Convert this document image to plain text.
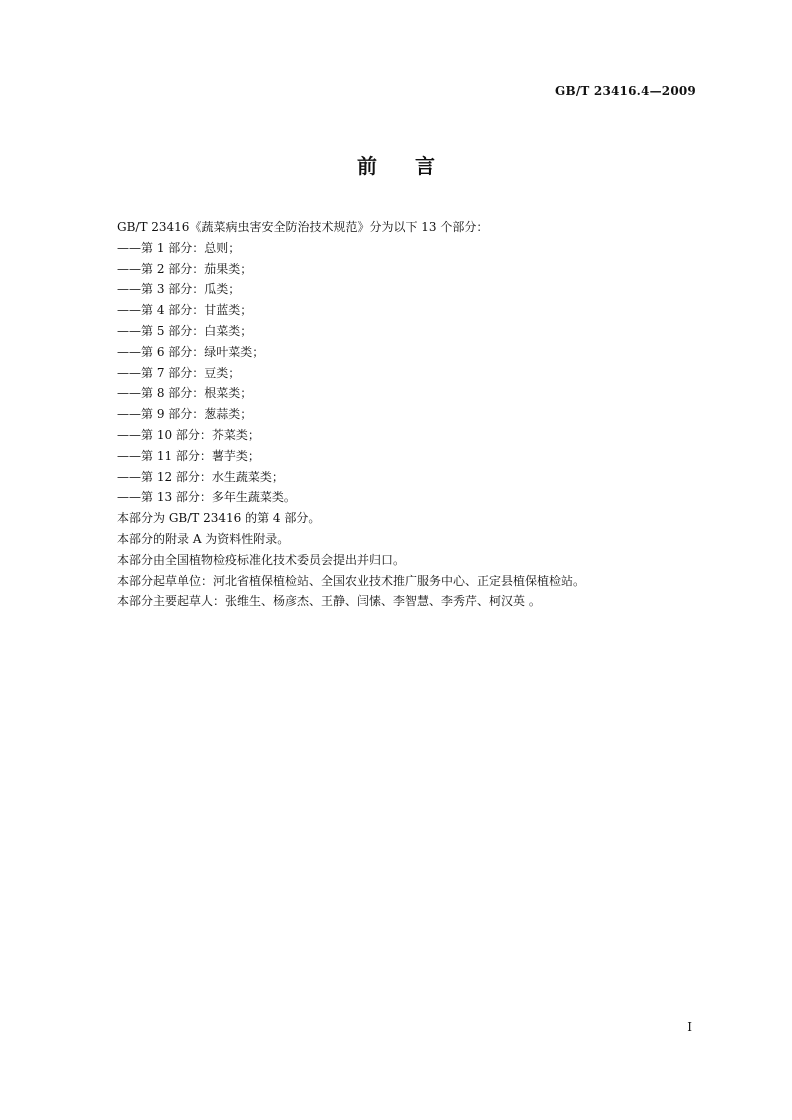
GB/T 23416.4—2009
前言
GB/T 23416《蔬菜病虫害安全防治技术规范》分为以下 13 个部分：
——第 1 部分：总则；
——第 2 部分：茄果类；
——第 3 部分：瓜类；
——第 4 部分：甘蓝类；
——第 5 部分：白菜类；
——第 6 部分：绿叶菜类；
——第 7 部分：豆类；
——第 8 部分：根菜类；
——第 9 部分：葱蒜类；
——第 10 部分：芥菜类；
——第 11 部分：薯芋类；
——第 12 部分：水生蔬菜类；
——第 13 部分：多年生蔬菜类。
本部分为 GB/T 23416 的第 4 部分。
本部分的附录 A 为资料性附录。
本部分由全国植物检疫标准化技术委员会提出并归口。
本部分起草单位：河北省植保植检站、全国农业技术推广服务中心、正定县植保植检站。
本部分主要起草人：张维生、杨彦杰、王静、闫愫、李智慧、李秀芹、柯汉英 。
I
